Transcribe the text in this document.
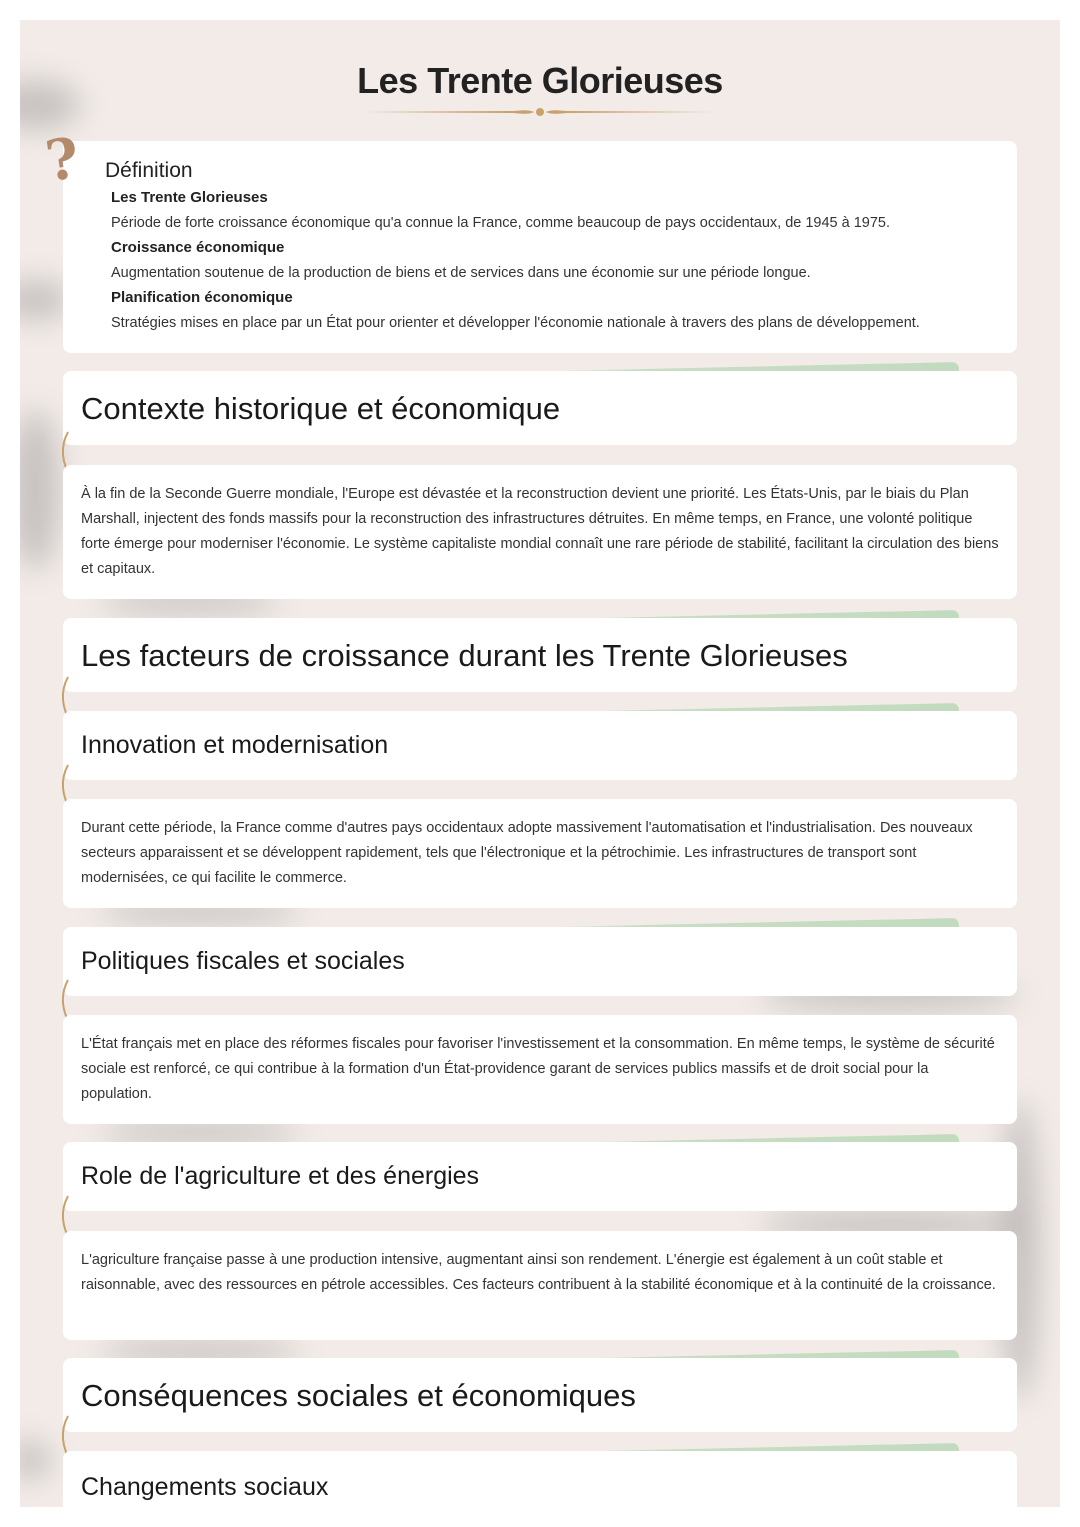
Les Trente Glorieuses
Définition
Les Trente Glorieuses
Période de forte croissance économique qu'a connue la France, comme beaucoup de pays occidentaux, de 1945 à 1975.
Croissance économique
Augmentation soutenue de la production de biens et de services dans une économie sur une période longue.
Planification économique
Stratégies mises en place par un État pour orienter et développer l'économie nationale à travers des plans de développement.
?
Contexte historique et économique
À la fin de la Seconde Guerre mondiale, l'Europe est dévastée et la reconstruction devient une priorité. Les États-Unis, par le biais du Plan Marshall, injectent des fonds massifs pour la reconstruction des infrastructures détruites. En même temps, en France, une volonté politique forte émerge pour moderniser l'économie. Le système capitaliste mondial connaît une rare période de stabilité, facilitant la circulation des biens et capitaux.
Les facteurs de croissance durant les Trente Glorieuses
Innovation et modernisation
Durant cette période, la France comme d'autres pays occidentaux adopte massivement l'automatisation et l'industrialisation. Des nouveaux secteurs apparaissent et se développent rapidement, tels que l'électronique et la pétrochimie. Les infrastructures de transport sont modernisées, ce qui facilite le commerce.
Politiques fiscales et sociales
L'État français met en place des réformes fiscales pour favoriser l'investissement et la consommation. En même temps, le système de sécurité sociale est renforcé, ce qui contribue à la formation d'un État-providence garant de services publics massifs et de droit social pour la population.
Role de l'agriculture et des énergies
L'agriculture française passe à une production intensive, augmentant ainsi son rendement. L'énergie est également à un coût stable et raisonnable, avec des ressources en pétrole accessibles. Ces facteurs contribuent à la stabilité économique et à la continuité de la croissance.
Conséquences sociales et économiques
Changements sociaux
